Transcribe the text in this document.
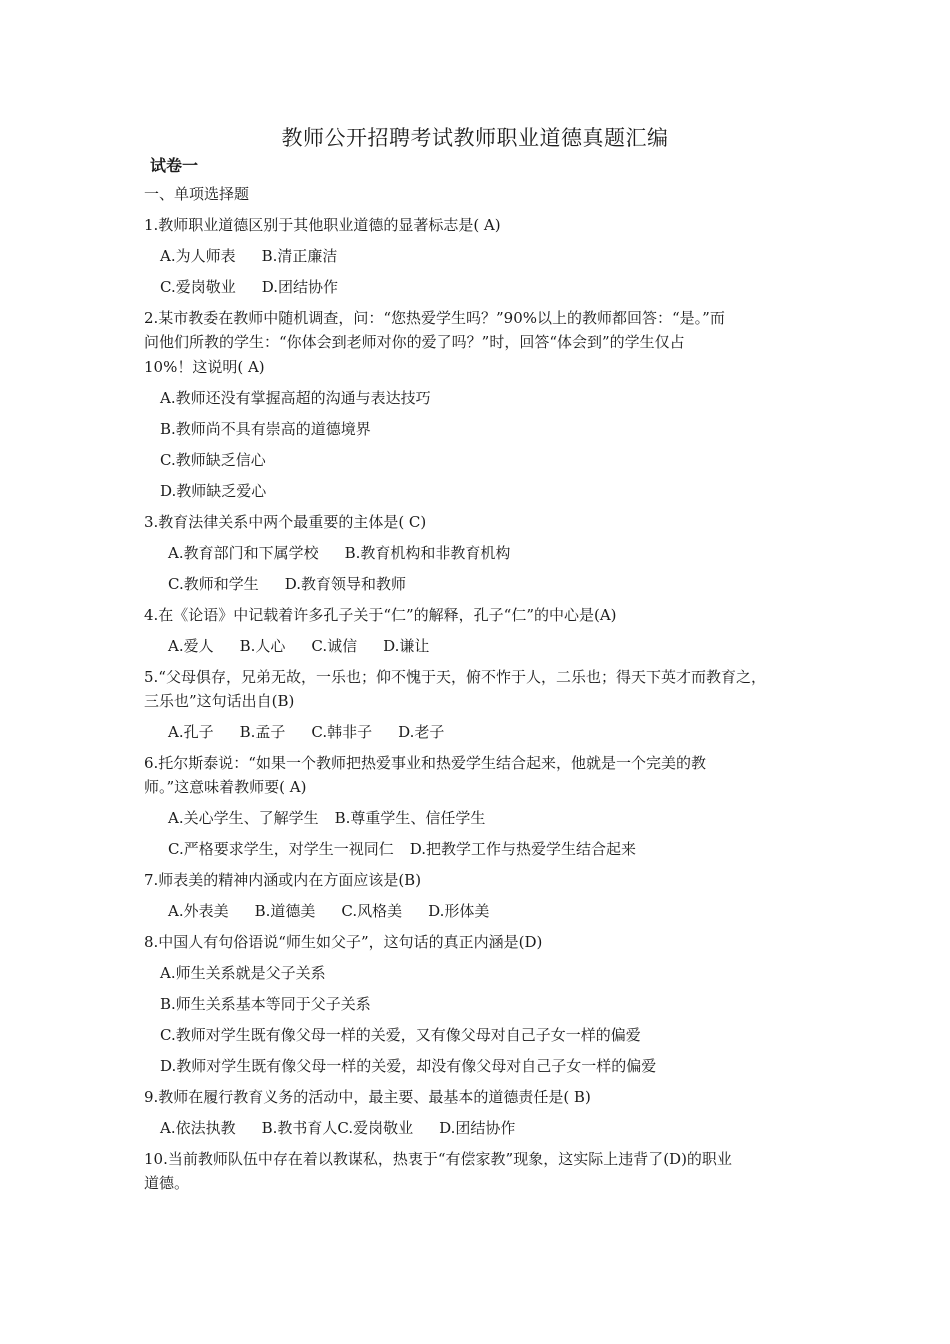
教师公开招聘考试教师职业道德真题汇编
试卷一
一、单项选择题
1.教师职业道德区别于其他职业道德的显著标志是( A)
A.为人师表 B.清正廉洁
C.爱岗敬业 D.团结协作
2.某市教委在教师中随机调查，问：“您热爱学生吗？”90%以上的教师都回答：“是。”而
问他们所教的学生：“你体会到老师对你的爱了吗？”时，回答“体会到”的学生仅占
10%！这说明( A)
A.教师还没有掌握高超的沟通与表达技巧
B.教师尚不具有崇高的道德境界
C.教师缺乏信心
D.教师缺乏爱心
3.教育法律关系中两个最重要的主体是( C)
A.教育部门和下属学校 B.教育机构和非教育机构
C.教师和学生 D.教育领导和教师
4.在《论语》中记载着许多孔子关于“仁”的解释，孔子“仁”的中心是(A)
A.爱人 B.人心 C.诚信 D.谦让
5.“父母俱存，兄弟无故，一乐也；仰不愧于天，俯不怍于人，二乐也；得天下英才而教育之，
三乐也”这句话出自(B)
A.孔子 B.孟子 C.韩非子 D.老子
6.托尔斯泰说：“如果一个教师把热爱事业和热爱学生结合起来，他就是一个完美的教
师。”这意味着教师要( A)
A.关心学生、了解学生 B.尊重学生、信任学生
C.严格要求学生，对学生一视同仁 D.把教学工作与热爱学生结合起来
7.师表美的精神内涵或内在方面应该是(B)
A.外表美 B.道德美 C.风格美 D.形体美
8.中国人有句俗语说“师生如父子”，这句话的真正内涵是(D)
A.师生关系就是父子关系
B.师生关系基本等同于父子关系
C.教师对学生既有像父母一样的关爱，又有像父母对自己子女一样的偏爱
D.教师对学生既有像父母一样的关爱，却没有像父母对自己子女一样的偏爱
9.教师在履行教育义务的活动中，最主要、最基本的道德责任是( B)
A.依法执教 B.教书育人C.爱岗敬业 D.团结协作
10.当前教师队伍中存在着以教谋私，热衷于“有偿家教”现象，这实际上违背了(D)的职业
道德。
